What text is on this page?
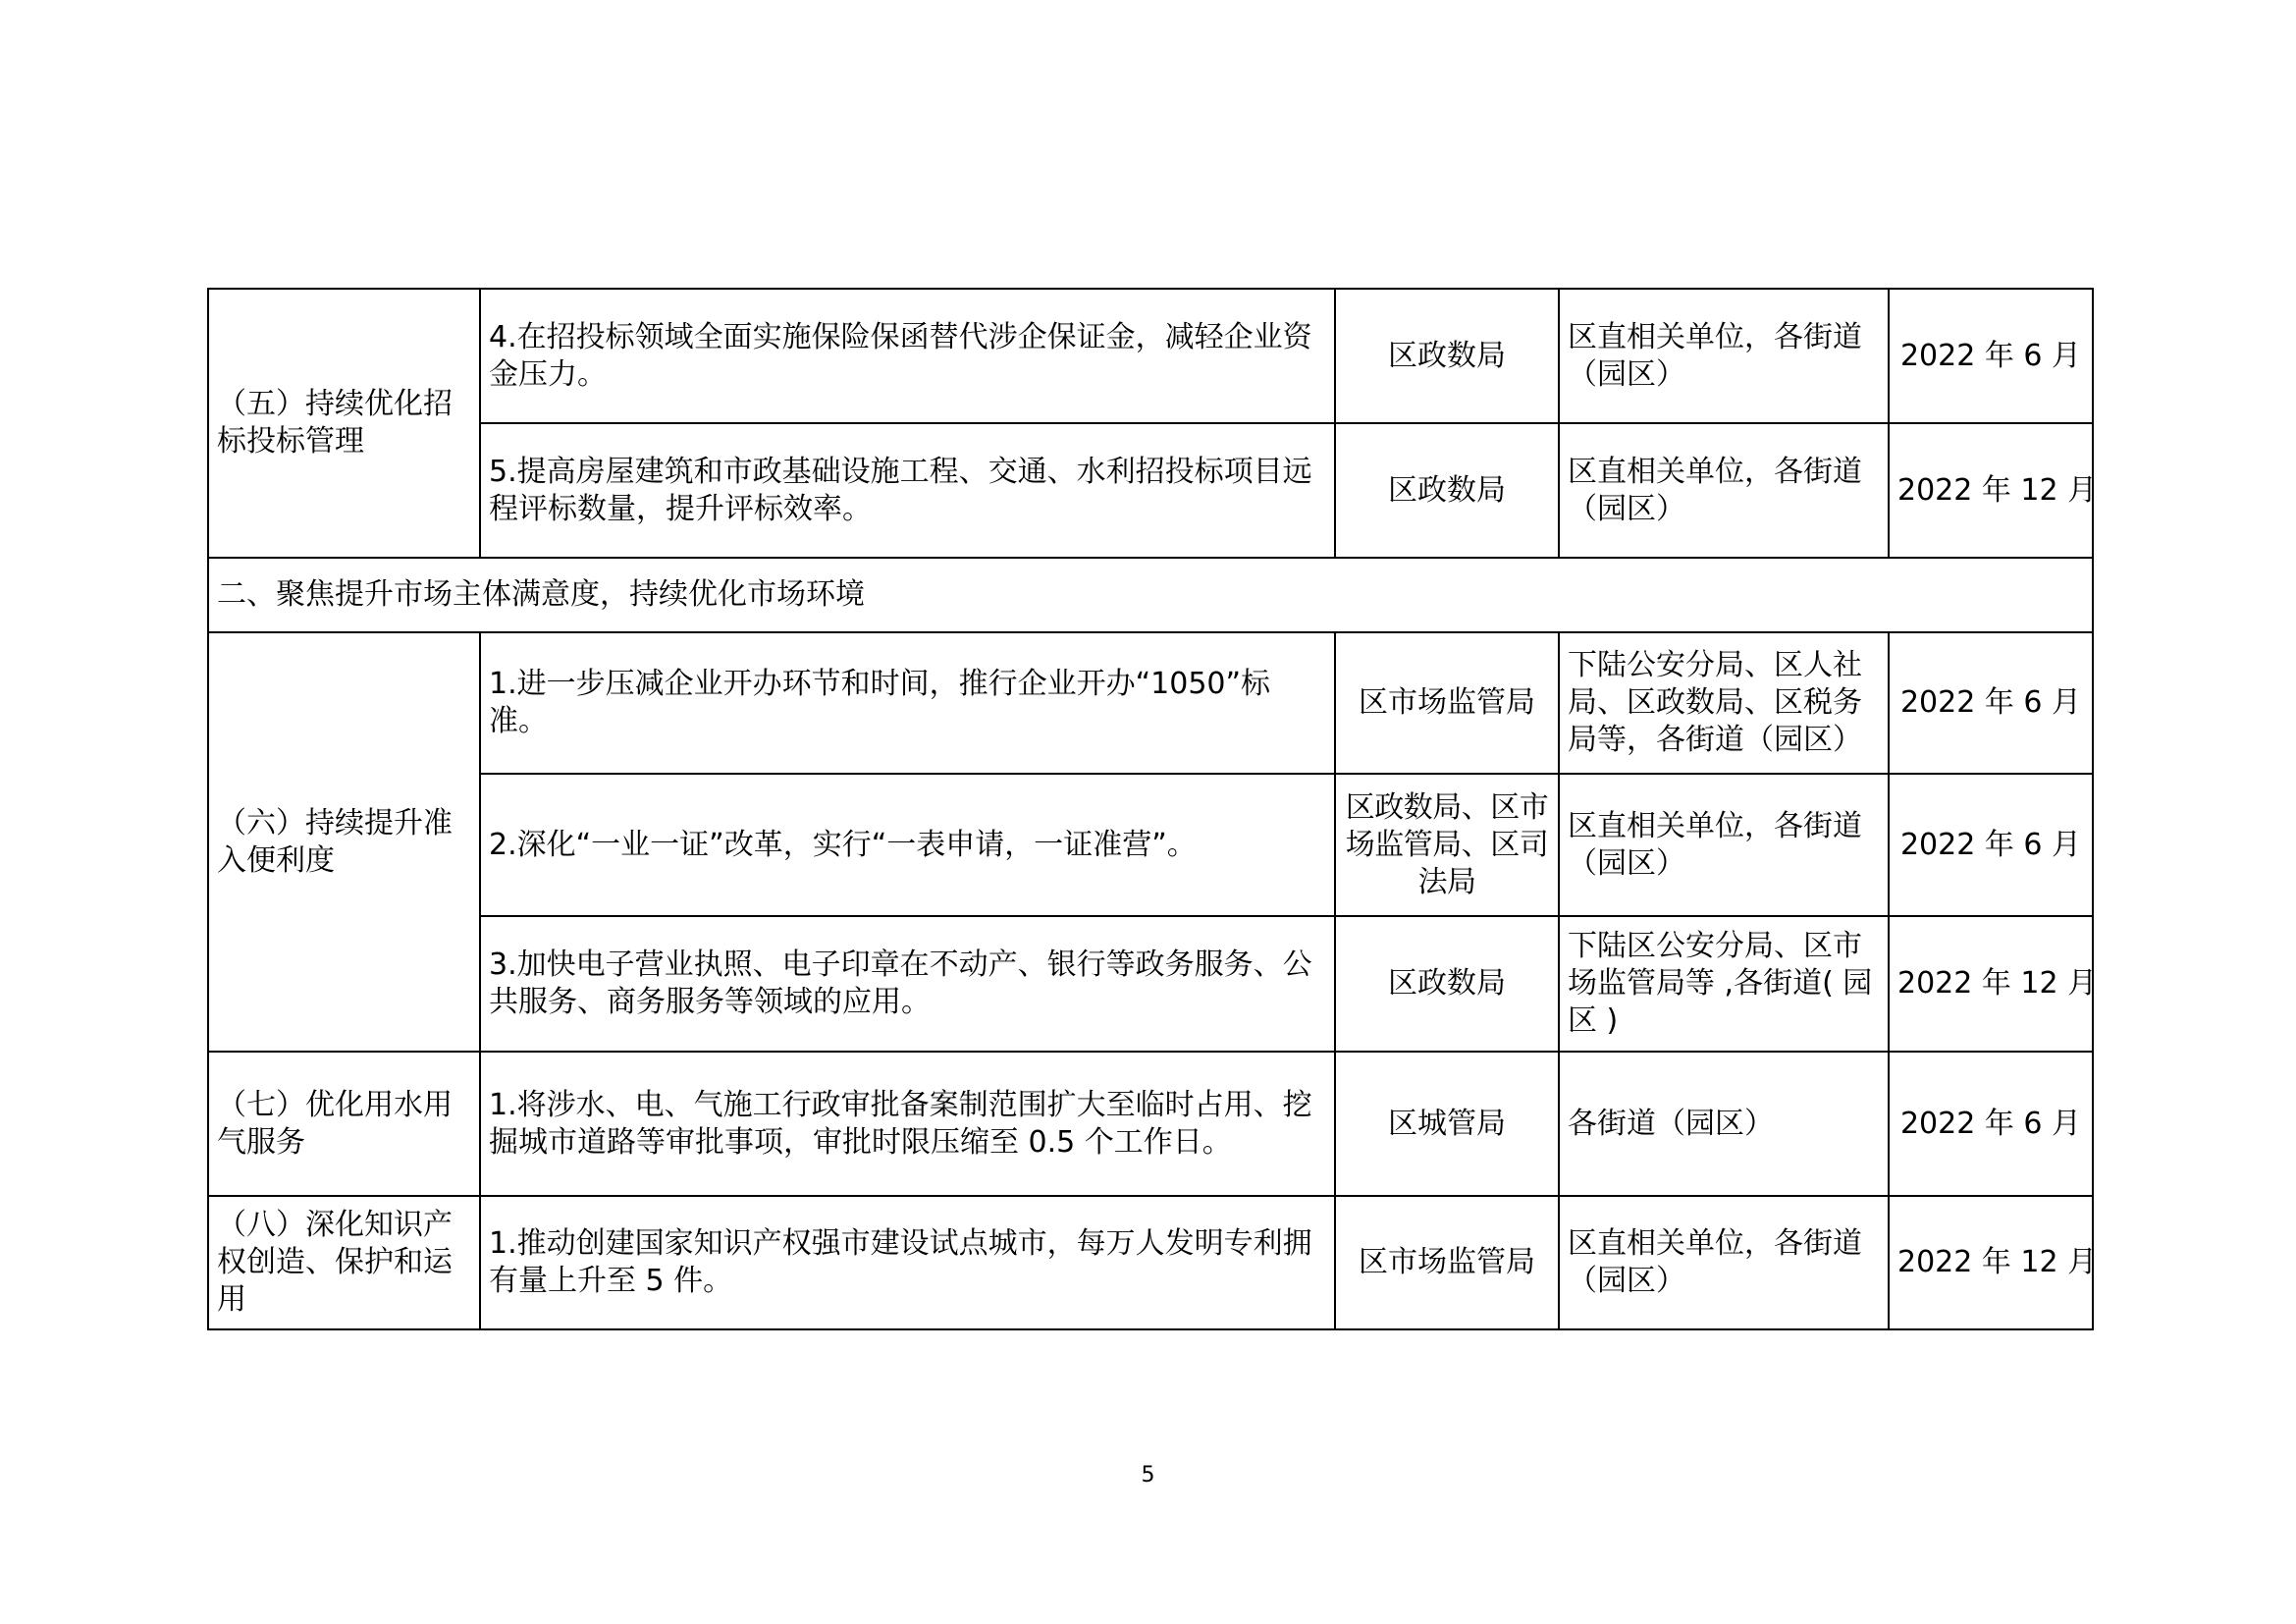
（五）持续优化招标投标管理	4.在招投标领域全面实施保险保函替代涉企保证金，减轻企业资金压力。	区政数局	区直相关单位，各街道（园区）	2022 年 6 月
	5.提高房屋建筑和市政基础设施工程、交通、水利招投标项目远程评标数量，提升评标效率。	区政数局	区直相关单位，各街道（园区）	2022 年 12 月
二、聚焦提升市场主体满意度，持续优化市场环境				
（六）持续提升准入便利度	1.进一步压减企业开办环节和时间，推行企业开办“1050”标准。	区市场监管局	下陆公安分局、区人社局、区政数局、区税务局等，各街道（园区）	2022 年 6 月
	2.深化“一业一证”改革，实行“一表申请，一证准营”。	区政数局、区市场监管局、区司法局	区直相关单位，各街道（园区）	2022 年 6 月
	3.加快电子营业执照、电子印章在不动产、银行等政务服务、公共服务、商务服务等领域的应用。	区政数局	下陆区公安分局、区市场监管局等 ,各街道( 园区 )	2022 年 12 月
（七）优化用水用气服务	1.将涉水、电、气施工行政审批备案制范围扩大至临时占用、挖掘城市道路等审批事项，审批时限压缩至 0.5 个工作日。	区城管局	各街道（园区）	2022 年 6 月
（八）深化知识产权创造、保护和运用	1.推动创建国家知识产权强市建设试点城市，每万人发明专利拥有量上升至 5 件。	区市场监管局	区直相关单位，各街道（园区）	2022 年 12 月
5
